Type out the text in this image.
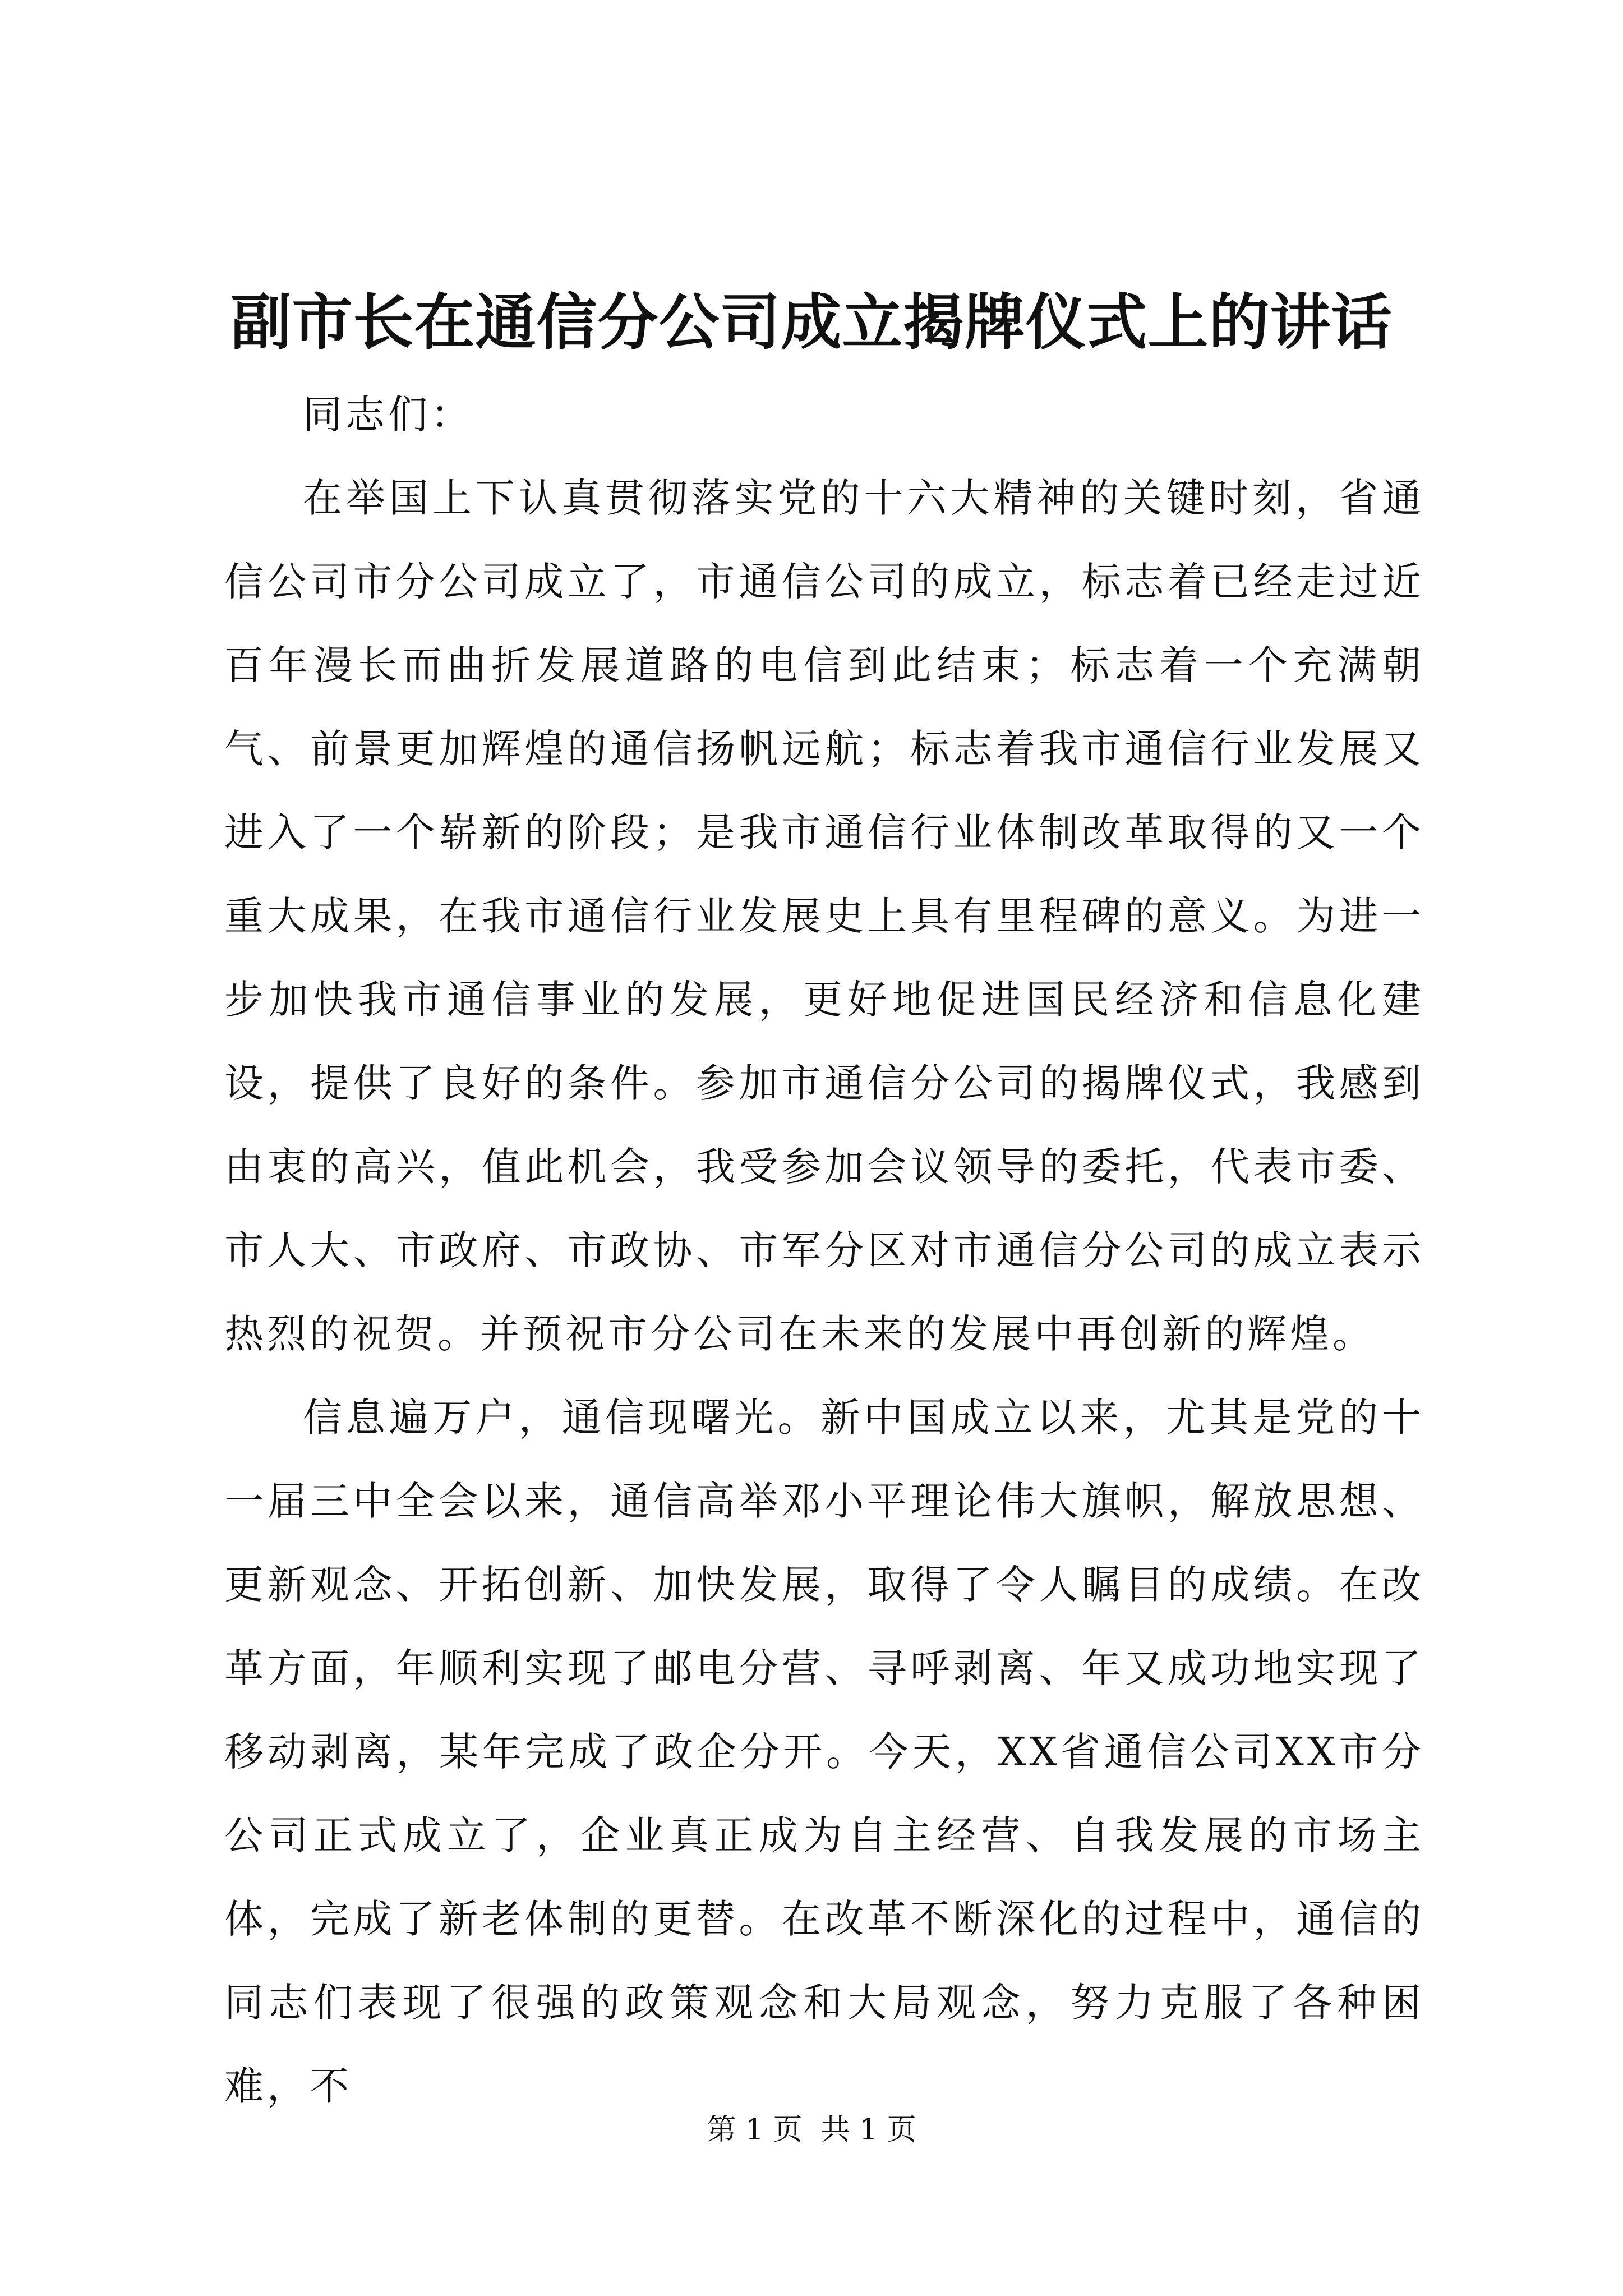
副市长在通信分公司成立揭牌仪式上的讲话

同志们：

在举国上下认真贯彻落实党的十六大精神的关键时刻，省通信公司市分公司成立了，市通信公司的成立，标志着已经走过近百年漫长而曲折发展道路的电信到此结束；标志着一个充满朝气、前景更加辉煌的通信扬帆远航；标志着我市通信行业发展又进入了一个崭新的阶段；是我市通信行业体制改革取得的又一个重大成果，在我市通信行业发展史上具有里程碑的意义。为进一步加快我市通信事业的发展，更好地促进国民经济和信息化建设，提供了良好的条件。参加市通信分公司的揭牌仪式，我感到由衷的高兴，值此机会，我受参加会议领导的委托，代表市委、市人大、市政府、市政协、市军分区对市通信分公司的成立表示热烈的祝贺。并预祝市分公司在未来的发展中再创新的辉煌。

信息遍万户，通信现曙光。新中国成立以来，尤其是党的十一届三中全会以来，通信高举邓小平理论伟大旗帜，解放思想、更新观念、开拓创新、加快发展，取得了令人瞩目的成绩。在改革方面，年顺利实现了邮电分营、寻呼剥离、年又成功地实现了移动剥离，某年完成了政企分开。今天，XX省通信公司XX市分公司正式成立了，企业真正成为自主经营、自我发展的市场主体，完成了新老体制的更替。在改革不断深化的过程中，通信的同志们表现了很强的政策观念和大局观念，努力克服了各种困难，不

第 1 页 共 1 页
